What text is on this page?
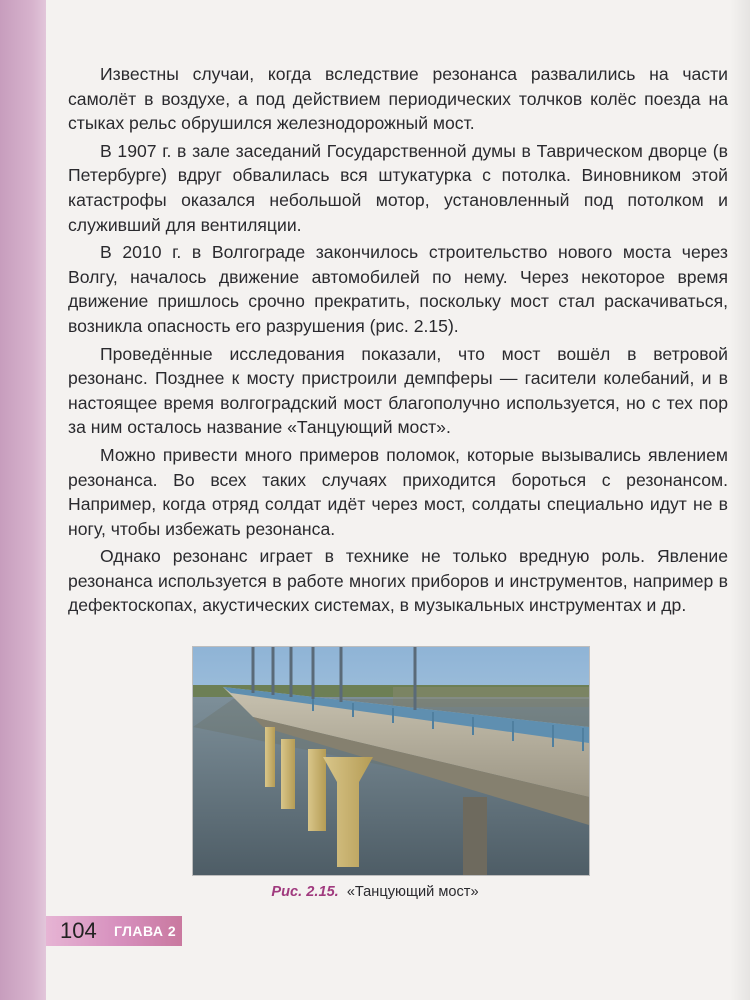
Известны случаи, когда вследствие резонанса развалились на части самолёт в воздухе, а под действием периодических толчков колёс поезда на стыках рельс обрушился железнодорожный мост.

В 1907 г. в зале заседаний Государственной думы в Таврическом дворце (в Петербурге) вдруг обвалилась вся штукатурка с потолка. Виновником этой катастрофы оказался небольшой мотор, установленный под потолком и служивший для вентиляции.

В 2010 г. в Волгограде закончилось строительство нового моста через Волгу, началось движение автомобилей по нему. Через некоторое время движение пришлось срочно прекратить, поскольку мост стал раскачиваться, возникла опасность его разрушения (рис. 2.15).

Проведённые исследования показали, что мост вошёл в ветровой резонанс. Позднее к мосту пристроили демпферы — гасители колебаний, и в настоящее время волгоградский мост благополучно используется, но с тех пор за ним осталось название «Танцующий мост».

Можно привести много примеров поломок, которые вызывались явлением резонанса. Во всех таких случаях приходится бороться с резонансом. Например, когда отряд солдат идёт через мост, солдаты специально идут не в ногу, чтобы избежать резонанса.

Однако резонанс играет в технике не только вредную роль. Явление резонанса используется в работе многих приборов и инструментов, например в дефектоскопах, акустических системах, в музыкальных инструментах и др.

Рис. 2.15. «Танцующий мост»
104 ГЛАВА 2
